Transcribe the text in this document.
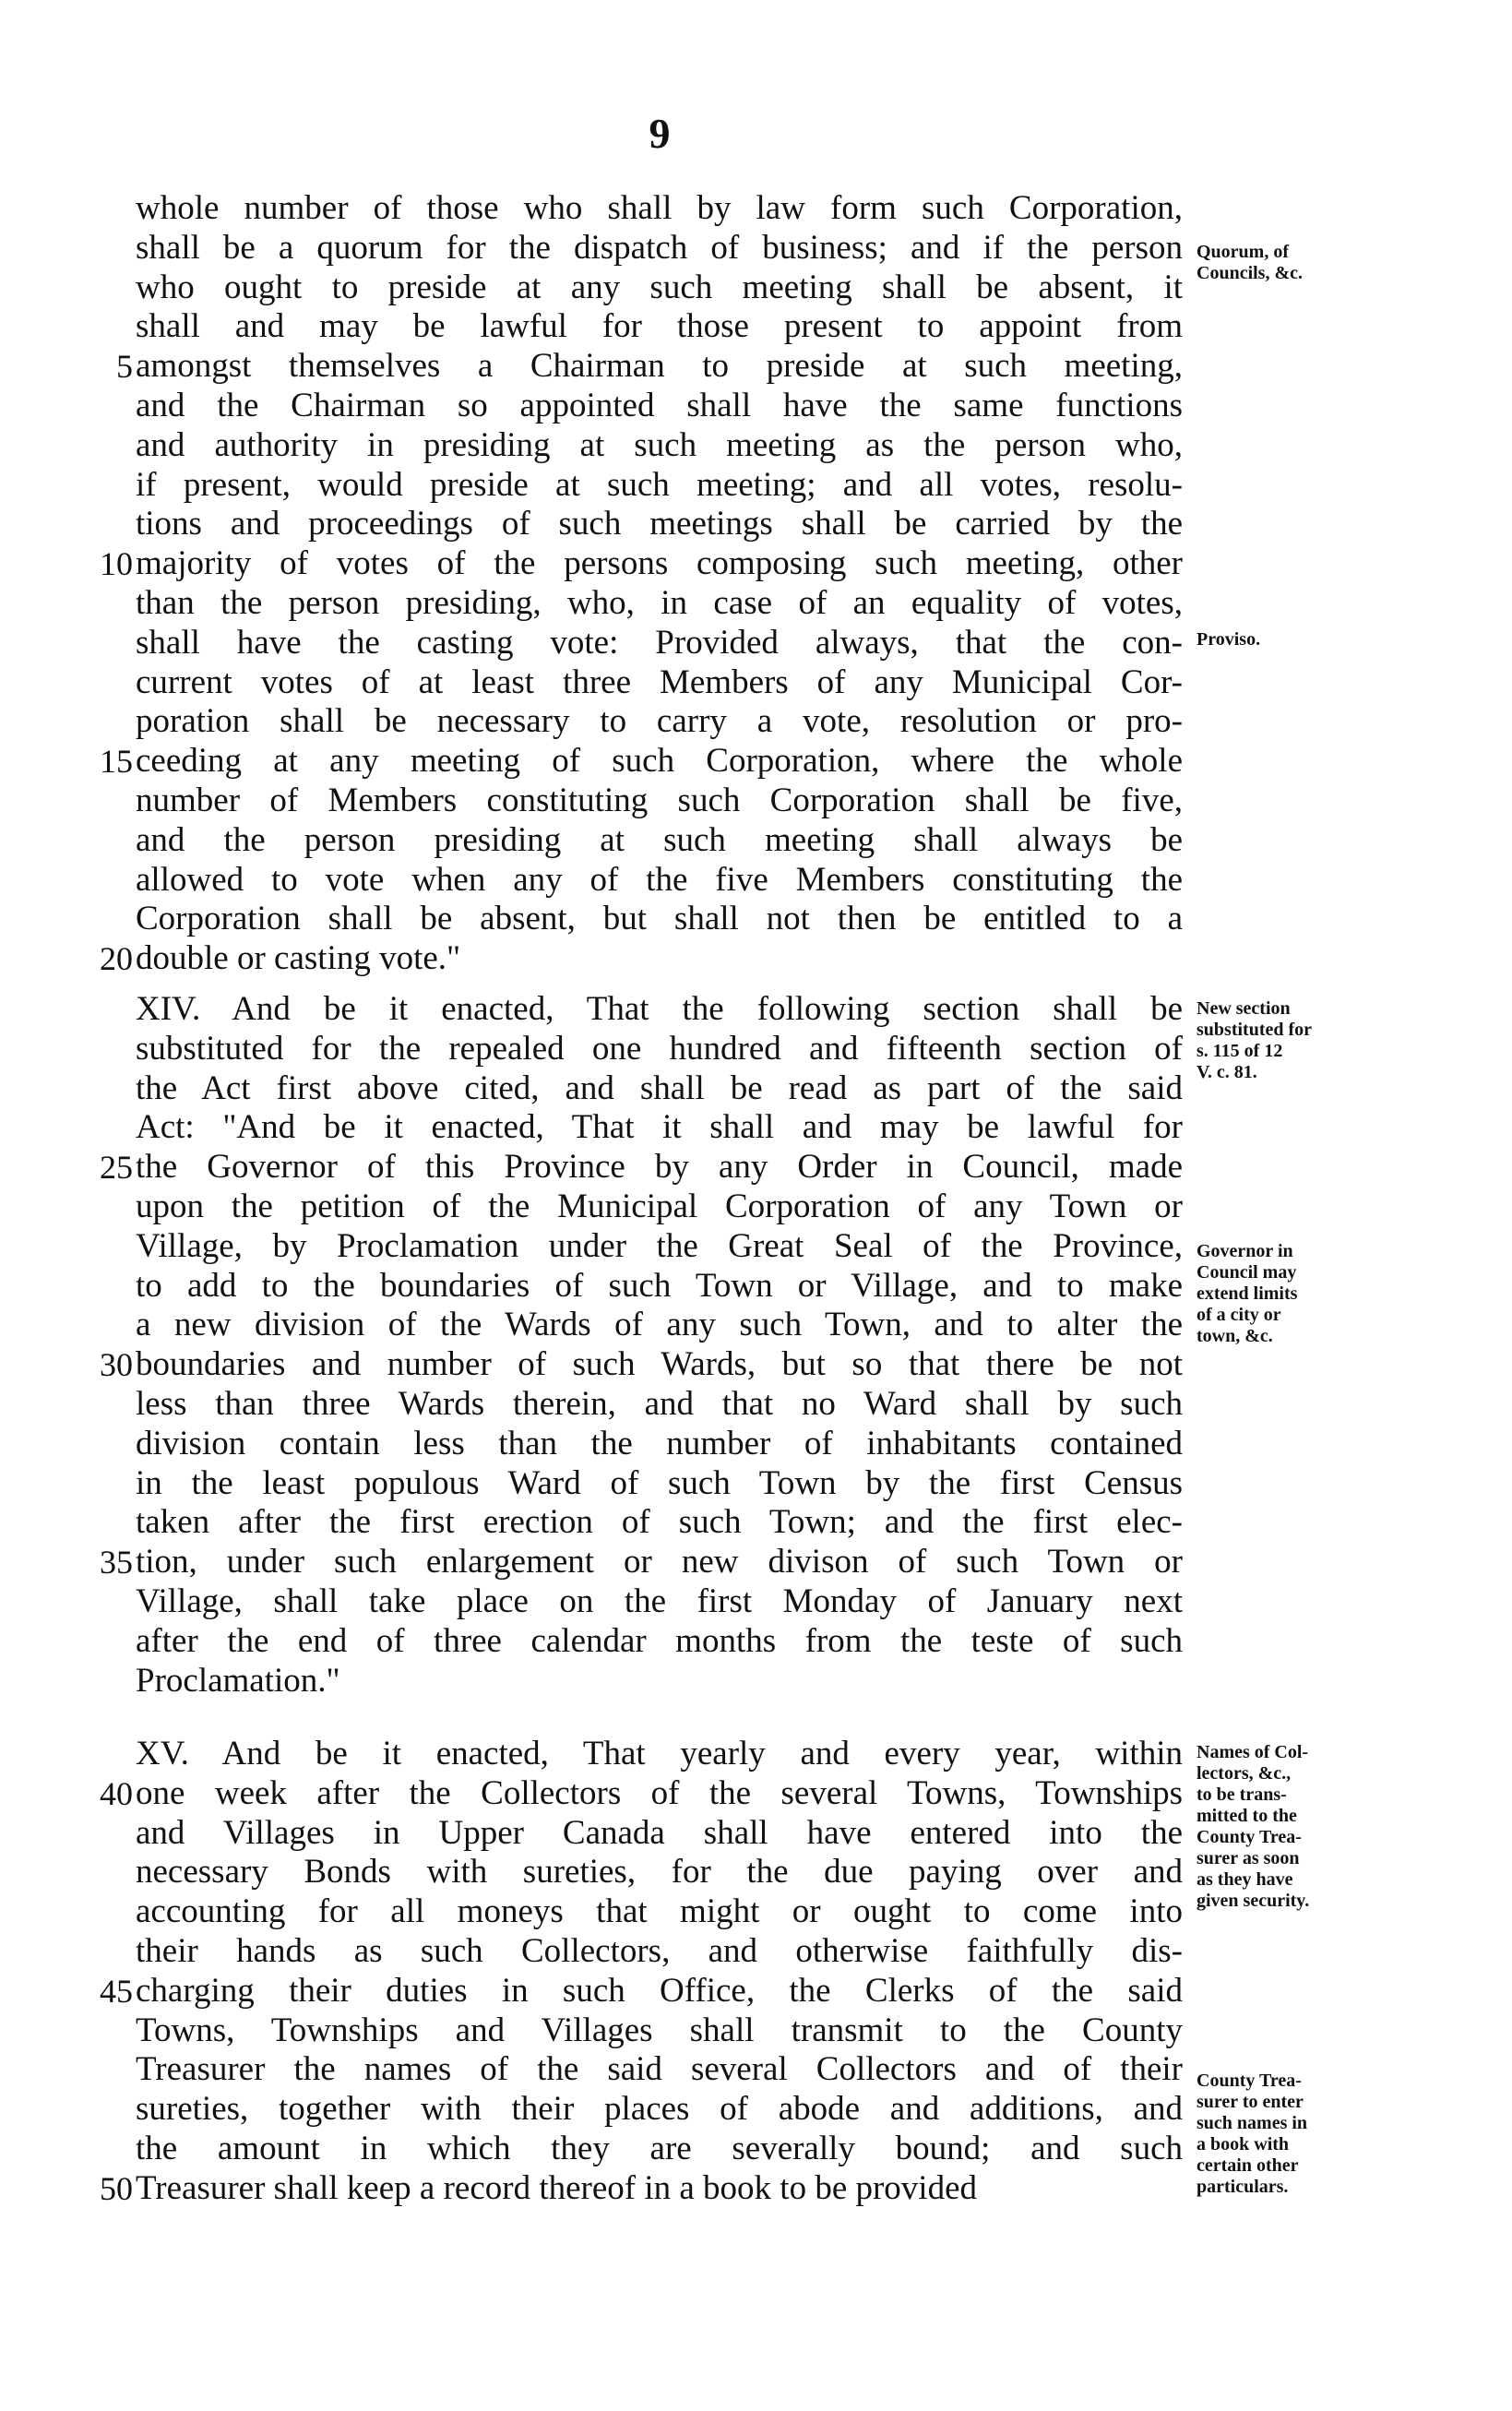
9
whole number of those who shall by law form such Corporation,
shall be a quorum for the dispatch of business; and if the person
who ought to preside at any such meeting shall be absent, it
shall and may be lawful for those present to appoint from
5 amongst themselves a Chairman to preside at such meeting,
and the Chairman so appointed shall have the same functions
and authority in presiding at such meeting as the person who,
if present, would preside at such meeting; and all votes, resolu-
tions and proceedings of such meetings shall be carried by the
10 majority of votes of the persons composing such meeting, other
than the person presiding, who, in case of an equality of votes,
shall have the casting vote: Provided always, that the con-
current votes of at least three Members of any Municipal Cor-
poration shall be necessary to carry a vote, resolution or pro-
15 ceeding at any meeting of such Corporation, where the whole
number of Members constituting such Corporation shall be five,
and the person presiding at such meeting shall always be
allowed to vote when any of the five Members constituting the
Corporation shall be absent, but shall not then be entitled to a
20 double or casting vote."
XIV. And be it enacted, That the following section shall be
substituted for the repealed one hundred and fifteenth section of
the Act first above cited, and shall be read as part of the said
Act: "And be it enacted, That it shall and may be lawful for
25 the Governor of this Province by any Order in Council, made
upon the petition of the Municipal Corporation of any Town or
Village, by Proclamation under the Great Seal of the Province,
to add to the boundaries of such Town or Village, and to make
a new division of the Wards of any such Town, and to alter the
30 boundaries and number of such Wards, but so that there be not
less than three Wards therein, and that no Ward shall by such
division contain less than the number of inhabitants contained
in the least populous Ward of such Town by the first Census
taken after the first erection of such Town; and the first elec-
35 tion, under such enlargement or new divison of such Town or
Village, shall take place on the first Monday of January next
after the end of three calendar months from the teste of such
Proclamation."
XV. And be it enacted, That yearly and every year, within
40 one week after the Collectors of the several Towns, Townships
and Villages in Upper Canada shall have entered into the
necessary Bonds with sureties, for the due paying over and
accounting for all moneys that might or ought to come into
their hands as such Collectors, and otherwise faithfully dis-
45 charging their duties in such Office, the Clerks of the said
Towns, Townships and Villages shall transmit to the County
Treasurer the names of the said several Collectors and of their
sureties, together with their places of abode and additions, and
the amount in which they are severally bound; and such
50 Treasurer shall keep a record thereof in a book to be provided
Quorum, of
Councils, &c.
Proviso.
New section
substituted for
s. 115 of 12
V. c. 81.
Governor in
Council may
extend limits
of a city or
town, &c.
Names of Col-
lectors, &c.,
to be trans-
mitted to the
County Trea-
surer as soon
as they have
given security.
County Trea-
surer to enter
such names in
a book with
certain other
particulars.
